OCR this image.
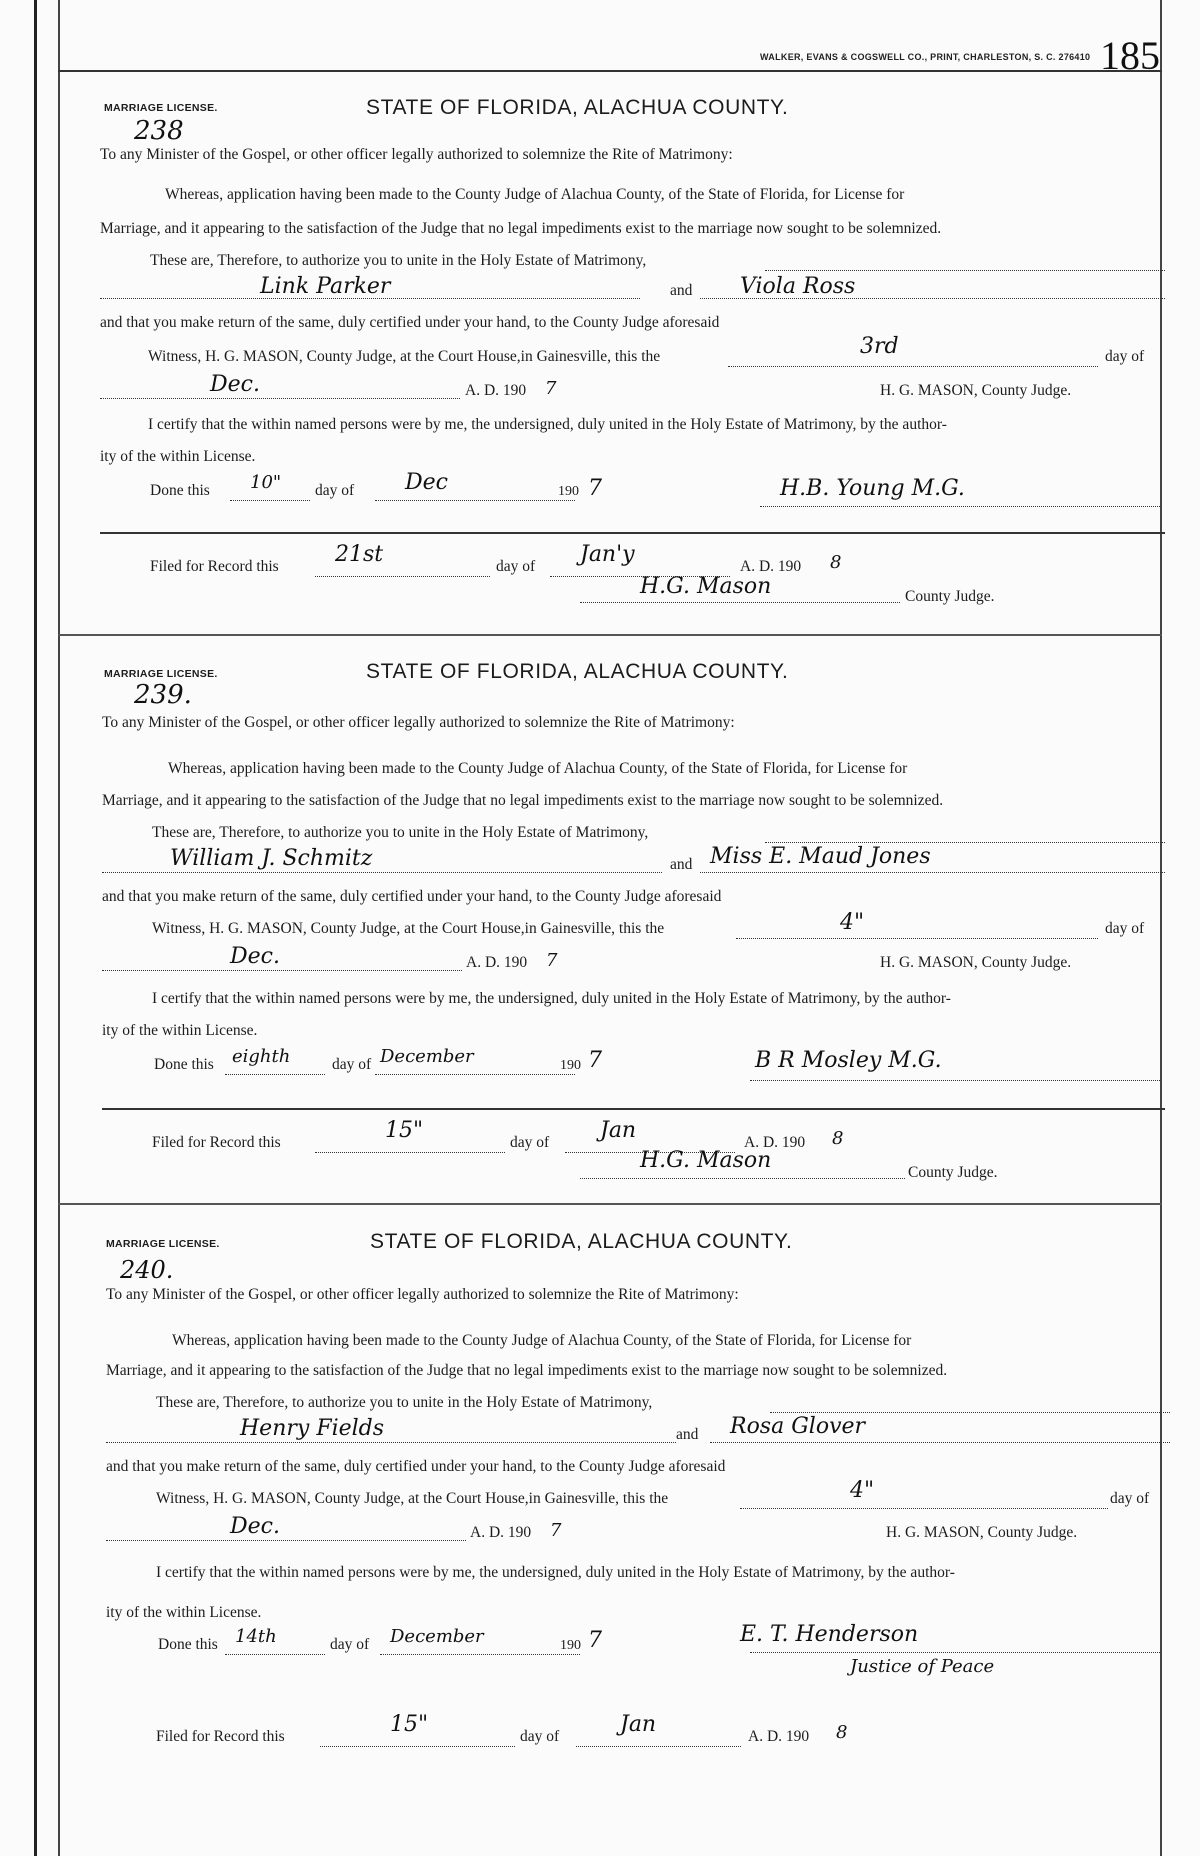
WALKER, EVANS & COGSWELL CO., PRINT, CHARLESTON, S. C. 276410 185
MARRIAGE LICENSE.	STATE OF FLORIDA, ALACHUA COUNTY.
238
To any Minister of the Gospel, or other officer legally authorized to solemnize the Rite of Matrimony:
Whereas, application having been made to the County Judge of Alachua County, of the State of Florida, for License for
Marriage, and it appearing to the satisfaction of the Judge that no legal impediments exist to the marriage now sought to be solemnized.
These are, Therefore, to authorize you to unite in the Holy Estate of Matrimony,
Link Parker	and Viola Ross
and that you make return of the same, duly certified under your hand, to the County Judge aforesaid
Witness, H. G. MASON, County Judge, at the Court House,in Gainesville, this the	3rd	day of
Dec.	A. D. 190 7	H. G. MASON, County Judge.
I certify that the within named persons were by me, the undersigned, duly united in the Holy Estate of Matrimony, by the author-
ity of the within License.
Done this 10" day of Dec	190 7	H.B. Young M.G.
Filed for Record this	21st	day of Jan'y	A. D. 190 8
H.G. Mason	County Judge.
MARRIAGE LICENSE.	STATE OF FLORIDA, ALACHUA COUNTY.
239.
To any Minister of the Gospel, or other officer legally authorized to solemnize the Rite of Matrimony:
Whereas, application having been made to the County Judge of Alachua County, of the State of Florida, for License for
Marriage, and it appearing to the satisfaction of the Judge that no legal impediments exist to the marriage now sought to be solemnized.
These are, Therefore, to authorize you to unite in the Holy Estate of Matrimony,
William J. Schmitz	and Miss E. Maud Jones
and that you make return of the same, duly certified under your hand, to the County Judge aforesaid
Witness, H. G. MASON, County Judge, at the Court House,in Gainesville, this the	4"	day of
Dec.	A. D. 190 7	H. G. MASON, County Judge.
I certify that the within named persons were by me, the undersigned, duly united in the Holy Estate of Matrimony, by the author-
ity of the within License.
Done this eighth	day of December	190 7	B R Mosley M.G.
Filed for Record this	15"	day of Jan	A. D. 190 8
H.G. Mason	County Judge.
MARRIAGE LICENSE.	STATE OF FLORIDA, ALACHUA COUNTY.
240.
To any Minister of the Gospel, or other officer legally authorized to solemnize the Rite of Matrimony:
Whereas, application having been made to the County Judge of Alachua County, of the State of Florida, for License for
Marriage, and it appearing to the satisfaction of the Judge that no legal impediments exist to the marriage now sought to be solemnized.
These are, Therefore, to authorize you to unite in the Holy Estate of Matrimony,
Henry Fields	and Rosa Glover
and that you make return of the same, duly certified under your hand, to the County Judge aforesaid
Witness, H. G. MASON, County Judge, at the Court House,in Gainesville, this the	4"	day of
Dec.	A. D. 190 7	H. G. MASON, County Judge.
I certify that the within named persons were by me, the undersigned, duly united in the Holy Estate of Matrimony, by the author-
ity of the within License.
Done this 14th	day of December	190 7	E. T. Henderson
Justice of Peace
Filed for Record this	15"	day of	Jan	A. D. 190 8
